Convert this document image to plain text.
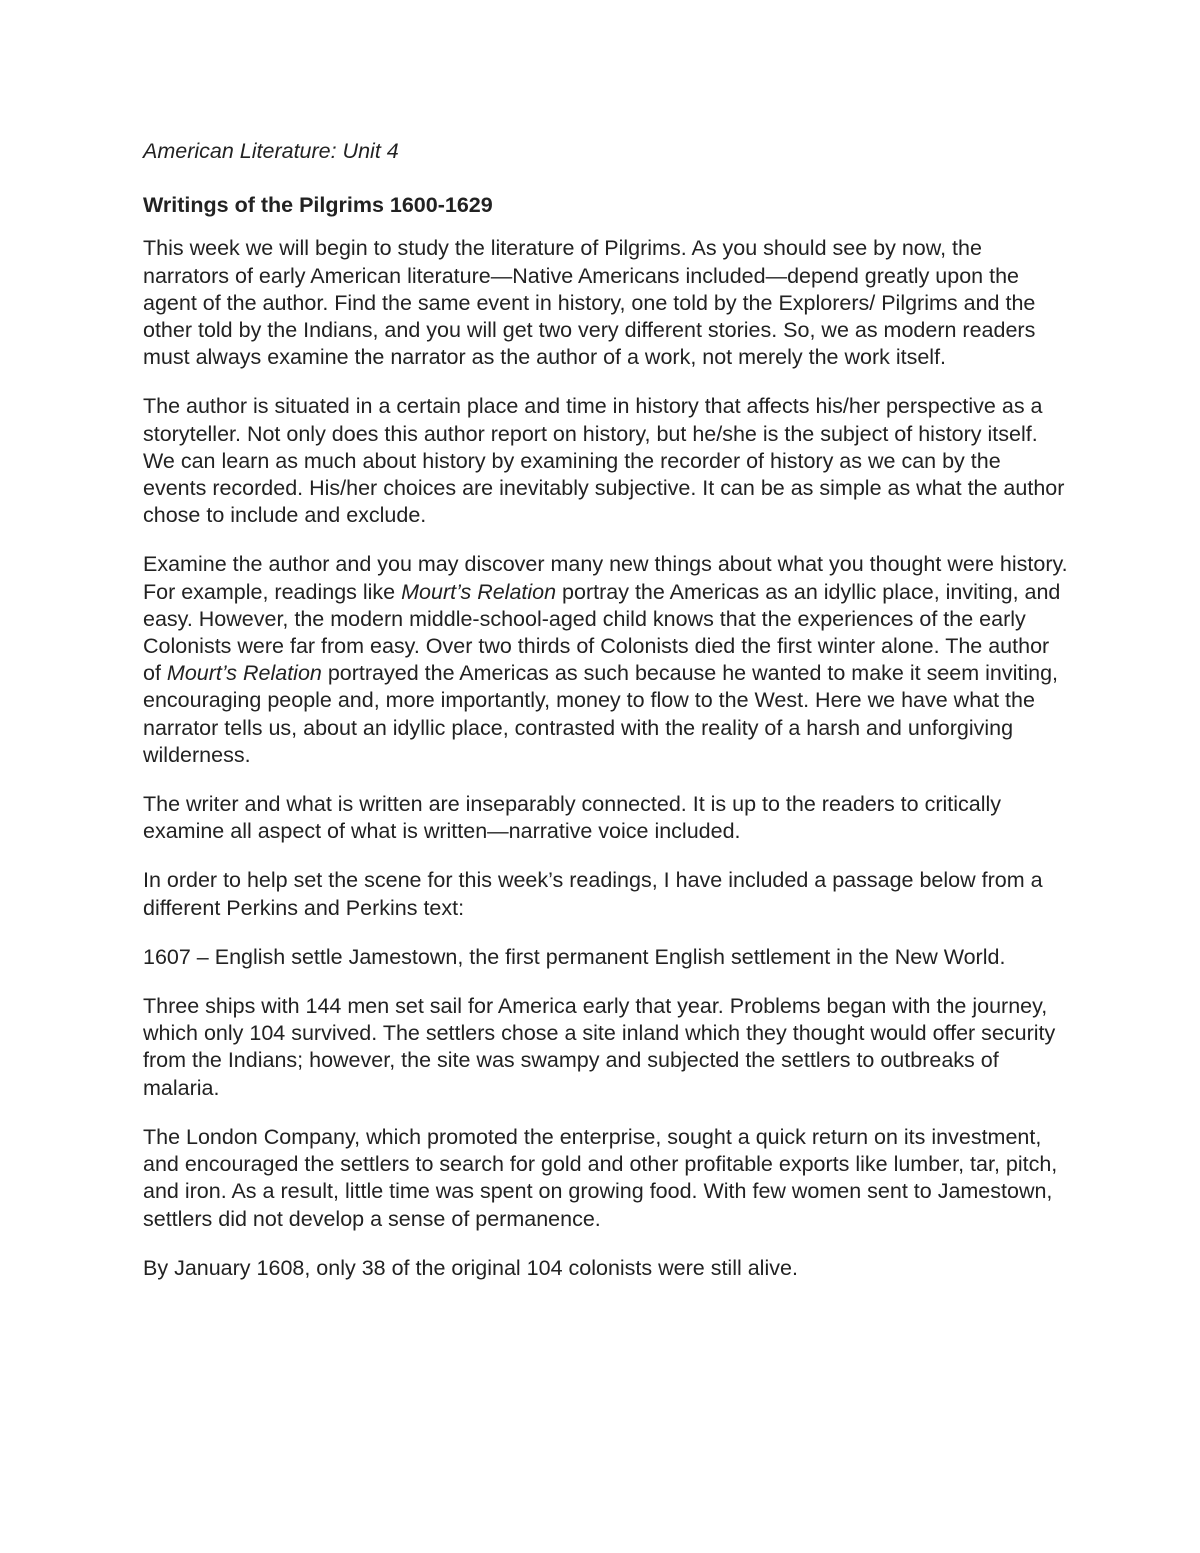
American Literature: Unit 4
Writings of the Pilgrims 1600-1629

This week we will begin to study the literature of Pilgrims. As you should see by now, the narrators of early American literature—Native Americans included—depend greatly upon the agent of the author. Find the same event in history, one told by the Explorers/ Pilgrims and the other told by the Indians, and you will get two very different stories. So, we as modern readers must always examine the narrator as the author of a work, not merely the work itself.

The author is situated in a certain place and time in history that affects his/her perspective as a storyteller. Not only does this author report on history, but he/she is the subject of history itself. We can learn as much about history by examining the recorder of history as we can by the events recorded. His/her choices are inevitably subjective. It can be as simple as what the author chose to include and exclude.

Examine the author and you may discover many new things about what you thought were history. For example, readings like Mourt’s Relation portray the Americas as an idyllic place, inviting, and easy. However, the modern middle-school-aged child knows that the experiences of the early Colonists were far from easy. Over two thirds of Colonists died the first winter alone. The author of Mourt’s Relation portrayed the Americas as such because he wanted to make it seem inviting, encouraging people and, more importantly, money to flow to the West. Here we have what the narrator tells us, about an idyllic place, contrasted with the reality of a harsh and unforgiving wilderness.

The writer and what is written are inseparably connected. It is up to the readers to critically examine all aspect of what is written—narrative voice included.

In order to help set the scene for this week’s readings, I have included a passage below from a different Perkins and Perkins text:

1607 – English settle Jamestown, the first permanent English settlement in the New World.

Three ships with 144 men set sail for America early that year. Problems began with the journey, which only 104 survived. The settlers chose a site inland which they thought would offer security from the Indians; however, the site was swampy and subjected the settlers to outbreaks of malaria.

The London Company, which promoted the enterprise, sought a quick return on its investment, and encouraged the settlers to search for gold and other profitable exports like lumber, tar, pitch, and iron. As a result, little time was spent on growing food. With few women sent to Jamestown, settlers did not develop a sense of permanence.

By January 1608, only 38 of the original 104 colonists were still alive.
